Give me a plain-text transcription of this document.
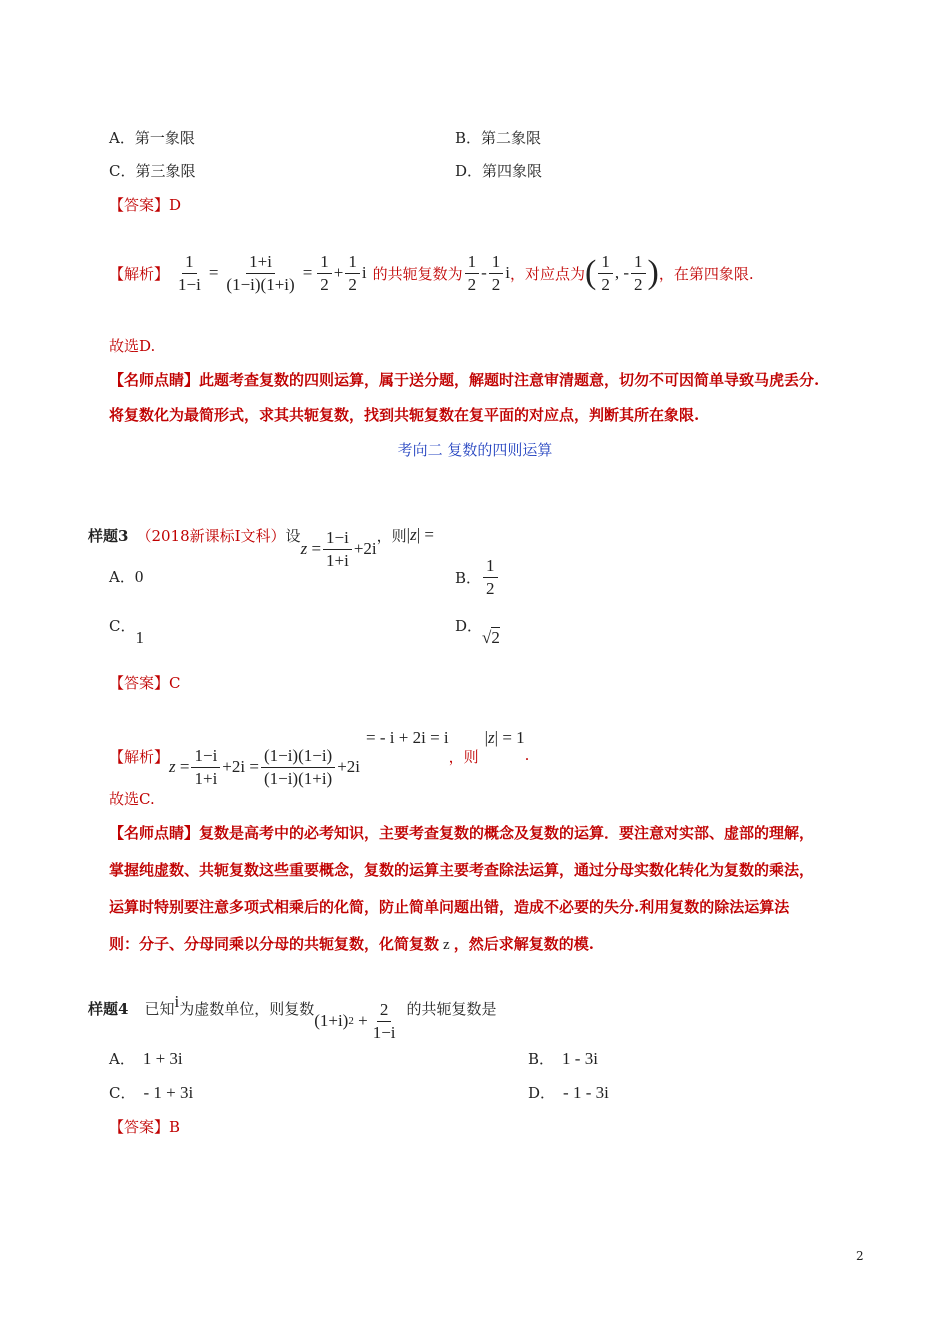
A．第一象限	B．第二象限
C．第三象限	D．第四象限
【答案】D
【解析】 $\frac{1}{1-i} = \frac{1+i}{(1-i)(1+i)} = \frac{1}{2} + \frac{1}{2}$ i 的共轭复数为 $\frac{1}{2} - \frac{1}{2}$ i ，对应点为 ( $\frac{1}{2}$ , - $\frac{1}{2}$ ) ，在第四象限.
故选D.
【名师点睛】此题考查复数的四则运算，属于送分题，解题时注意审清题意，切勿不可因简单导致马虎丢分.
将复数化为最简形式，求其共轭复数，找到共轭复数在复平面的对应点，判断其所在象限.
考向二 复数的四则运算
样题3 （2018新课标Ⅰ文科） 设
$z = \frac{1-i}{1+i} +2i$
，则 |z| =
A．0	B． $\frac{1}{2}$
C．1
D．√2
【答案】C
【解析】
$z = \frac{1-i}{1+i} +2i = \frac{(1-i)(1-i)}{(1-i)(1+i)} +2i$
= - i + 2i = i
，则
|z| = 1
.
故选C.
【名师点睛】复数是高考中的必考知识，主要考查复数的概念及复数的运算．要注意对实部、虚部的理解，
掌握纯虚数、共轭复数这些重要概念，复数的运算主要考查除法运算，通过分母实数化转化为复数的乘法，
运算时特别要注意多项式相乘后的化简，防止简单问题出错，造成不必要的失分.利用复数的除法运算法
则：分子、分母同乘以分母的共轭复数，化简复数 z ，然后求解复数的模.
样题4 已知 i 为虚数单位，则复数
(1+i) $2 + \frac{2}{1-i}$ 的共轭复数是
A． 1 + 3i	B． 1 - 3i
C． - 1 + 3i	D． - 1 - 3i
【答案】B
2
